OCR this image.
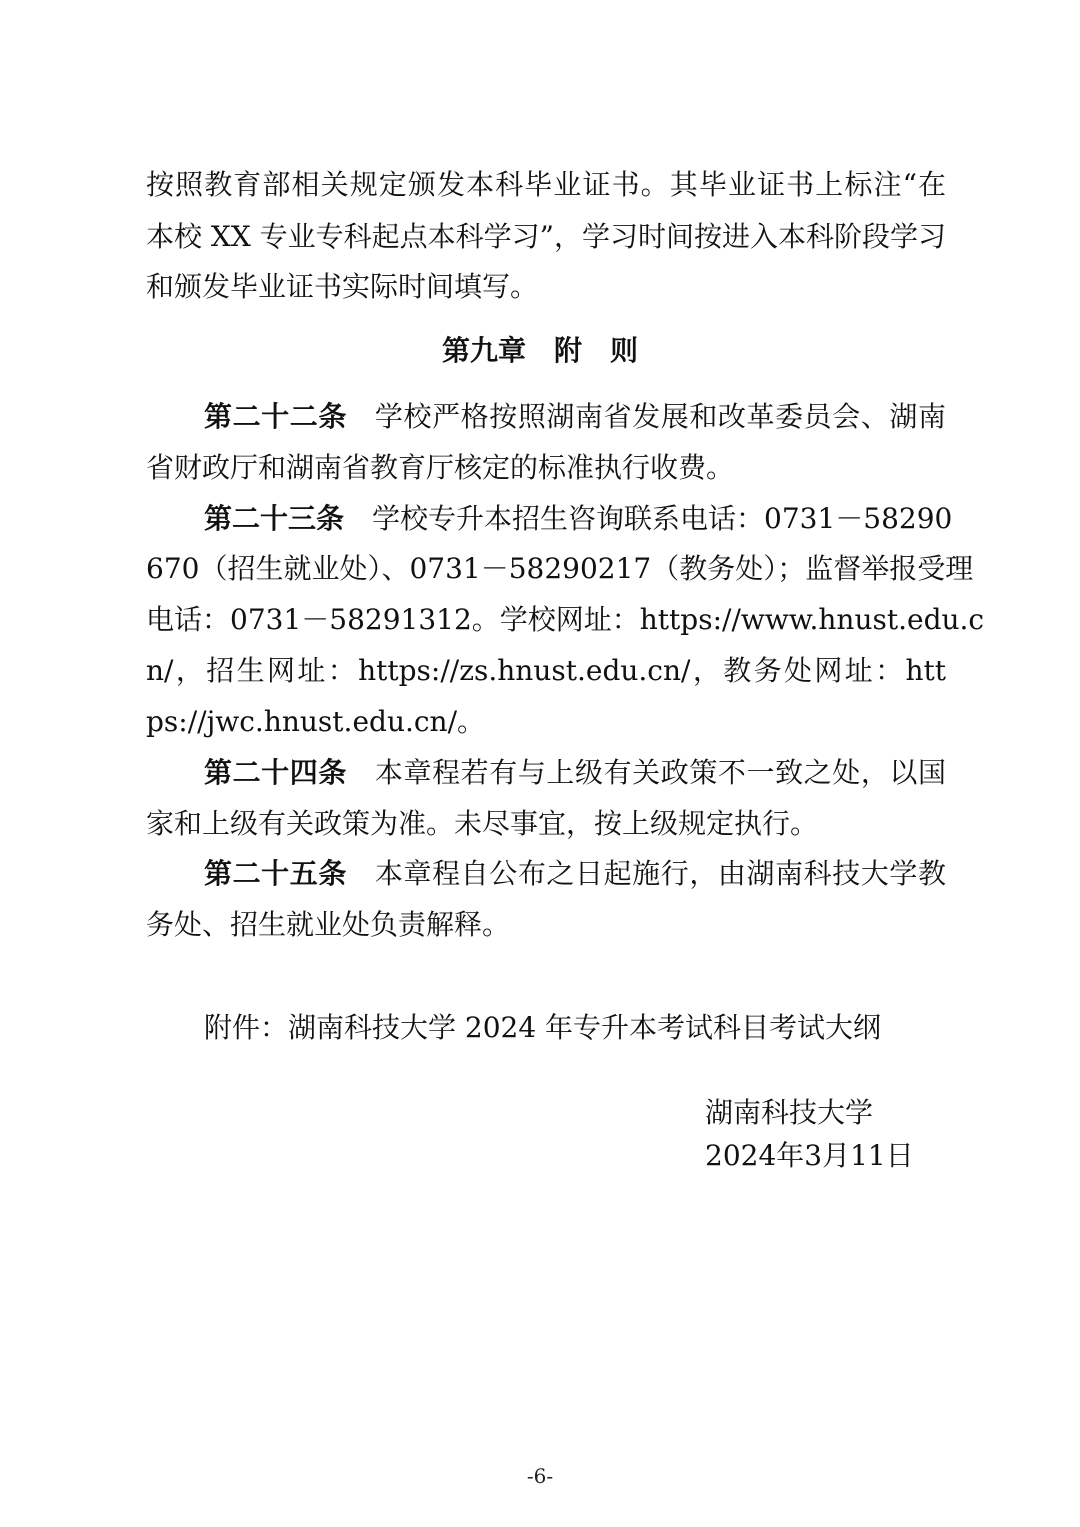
按照教育部相关规定颁发本科毕业证书。其毕业证书上标注“在
本校 XX 专业专科起点本科学习”，学习时间按进入本科阶段学习
和颁发毕业证书实际时间填写。
第九章　附　则
第二十二条 学校严格按照湖南省发展和改革委员会、湖南
省财政厅和湖南省教育厅核定的标准执行收费。
第二十三条 学校专升本招生咨询联系电话：0731－58290
670（招生就业处）、0731－58290217（教务处）；监督举报受理
电话：0731－58291312。学校网址：https://www.hnust.edu.c
n/，招生网址：https://zs.hnust.edu.cn/，教务处网址：htt
ps://jwc.hnust.edu.cn/。
第二十四条 本章程若有与上级有关政策不一致之处，以国
家和上级有关政策为准。未尽事宜，按上级规定执行。
第二十五条 本章程自公布之日起施行，由湖南科技大学教
务处、招生就业处负责解释。
附件：湖南科技大学 2024 年专升本考试科目考试大纲
湖南科技大学
2024年3月11日
-6-
